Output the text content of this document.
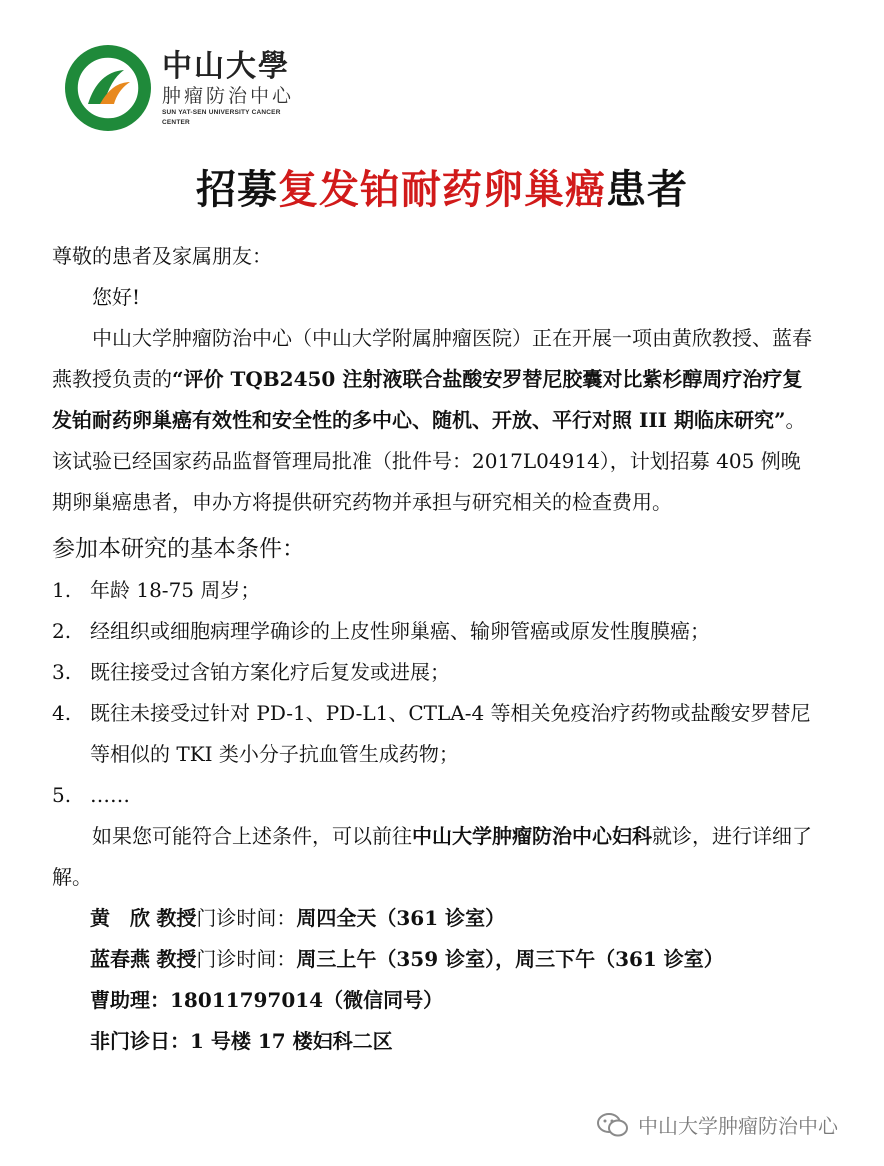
中山大學
肿瘤防治中心
SUN YAT-SEN UNIVERSITY CANCER CENTER
招募复发铂耐药卵巢癌患者

尊敬的患者及家属朋友：

您好!

中山大学肿瘤防治中心（中山大学附属肿瘤医院）正在开展一项由黄欣教授、蓝春燕教授负责的“评价 TQB2450 注射液联合盐酸安罗替尼胶囊对比紫杉醇周疗治疗复发铂耐药卵巢癌有效性和安全性的多中心、随机、开放、平行对照 III 期临床研究”。该试验已经国家药品监督管理局批准（批件号：2017L04914），计划招募 405 例晚期卵巢癌患者，申办方将提供研究药物并承担与研究相关的检查费用。

参加本研究的基本条件：

1. 年龄 18-75 周岁；
2. 经组织或细胞病理学确诊的上皮性卵巢癌、输卵管癌或原发性腹膜癌；
3. 既往接受过含铂方案化疗后复发或进展；
4. 既往未接受过针对 PD-1、PD-L1、CTLA-4 等相关免疫治疗药物或盐酸安罗替尼等相似的 TKI 类小分子抗血管生成药物；
5. ……

如果您可能符合上述条件，可以前往中山大学肿瘤防治中心妇科就诊，进行详细了解。

黄　欣 教授门诊时间：周四全天（361 诊室）

蓝春燕 教授门诊时间：周三上午（359 诊室），周三下午（361 诊室）

曹助理：18011797014（微信同号）

非门诊日：1 号楼 17 楼妇科二区

中山大学肿瘤防治中心
